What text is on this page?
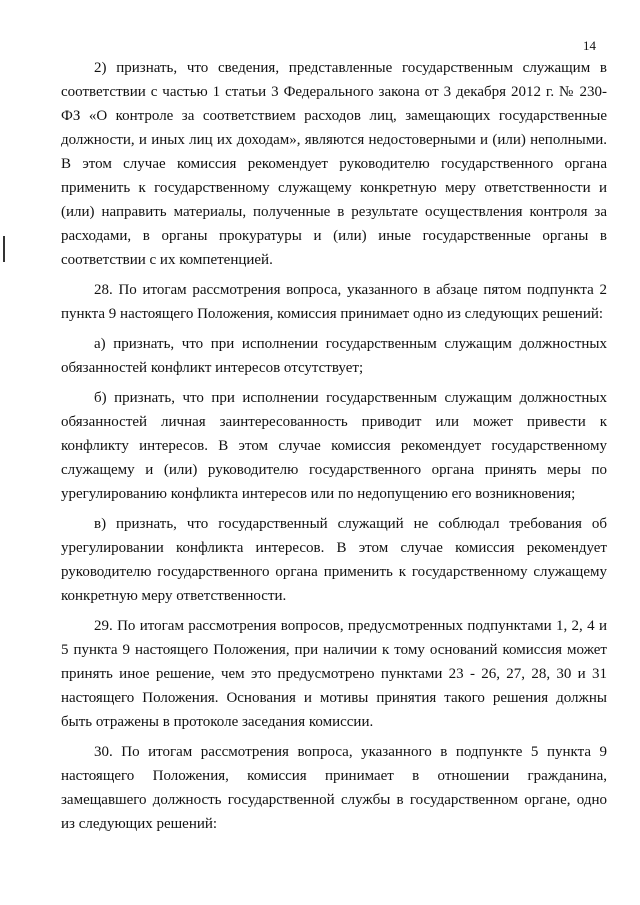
14

2) признать, что сведения, представленные государственным служащим в соответствии с частью 1 статьи 3 Федерального закона от 3 декабря 2012 г. № 230-ФЗ «О контроле за соответствием расходов лиц, замещающих государственные должности, и иных лиц их доходам», являются недостоверными и (или) неполными. В этом случае комиссия рекомендует руководителю государственного органа применить к государственному служащему конкретную меру ответственности и (или) направить материалы, полученные в результате осуществления контроля за расходами, в органы прокуратуры и (или) иные государственные органы в соответствии с их компетенцией.

28. По итогам рассмотрения вопроса, указанного в абзаце пятом подпункта 2 пункта 9 настоящего Положения, комиссия принимает одно из следующих решений:

а) признать, что при исполнении государственным служащим должностных обязанностей конфликт интересов отсутствует;

б) признать, что при исполнении государственным служащим должностных обязанностей личная заинтересованность приводит или может привести к конфликту интересов. В этом случае комиссия рекомендует государственному служащему и (или) руководителю государственного органа принять меры по урегулированию конфликта интересов или по недопущению его возникновения;

в) признать, что государственный служащий не соблюдал требования об урегулировании конфликта интересов. В этом случае комиссия рекомендует руководителю государственного органа применить к государственному служащему конкретную меру ответственности.

29. По итогам рассмотрения вопросов, предусмотренных подпунктами 1, 2, 4 и 5 пункта 9 настоящего Положения, при наличии к тому оснований комиссия может принять иное решение, чем это предусмотрено пунктами 23 - 26, 27, 28, 30 и 31 настоящего Положения. Основания и мотивы принятия такого решения должны быть отражены в протоколе заседания комиссии.

30. По итогам рассмотрения вопроса, указанного в подпункте 5 пункта 9 настоящего Положения, комиссия принимает в отношении гражданина, замещавшего должность государственной службы в государственном органе, одно из следующих решений:
